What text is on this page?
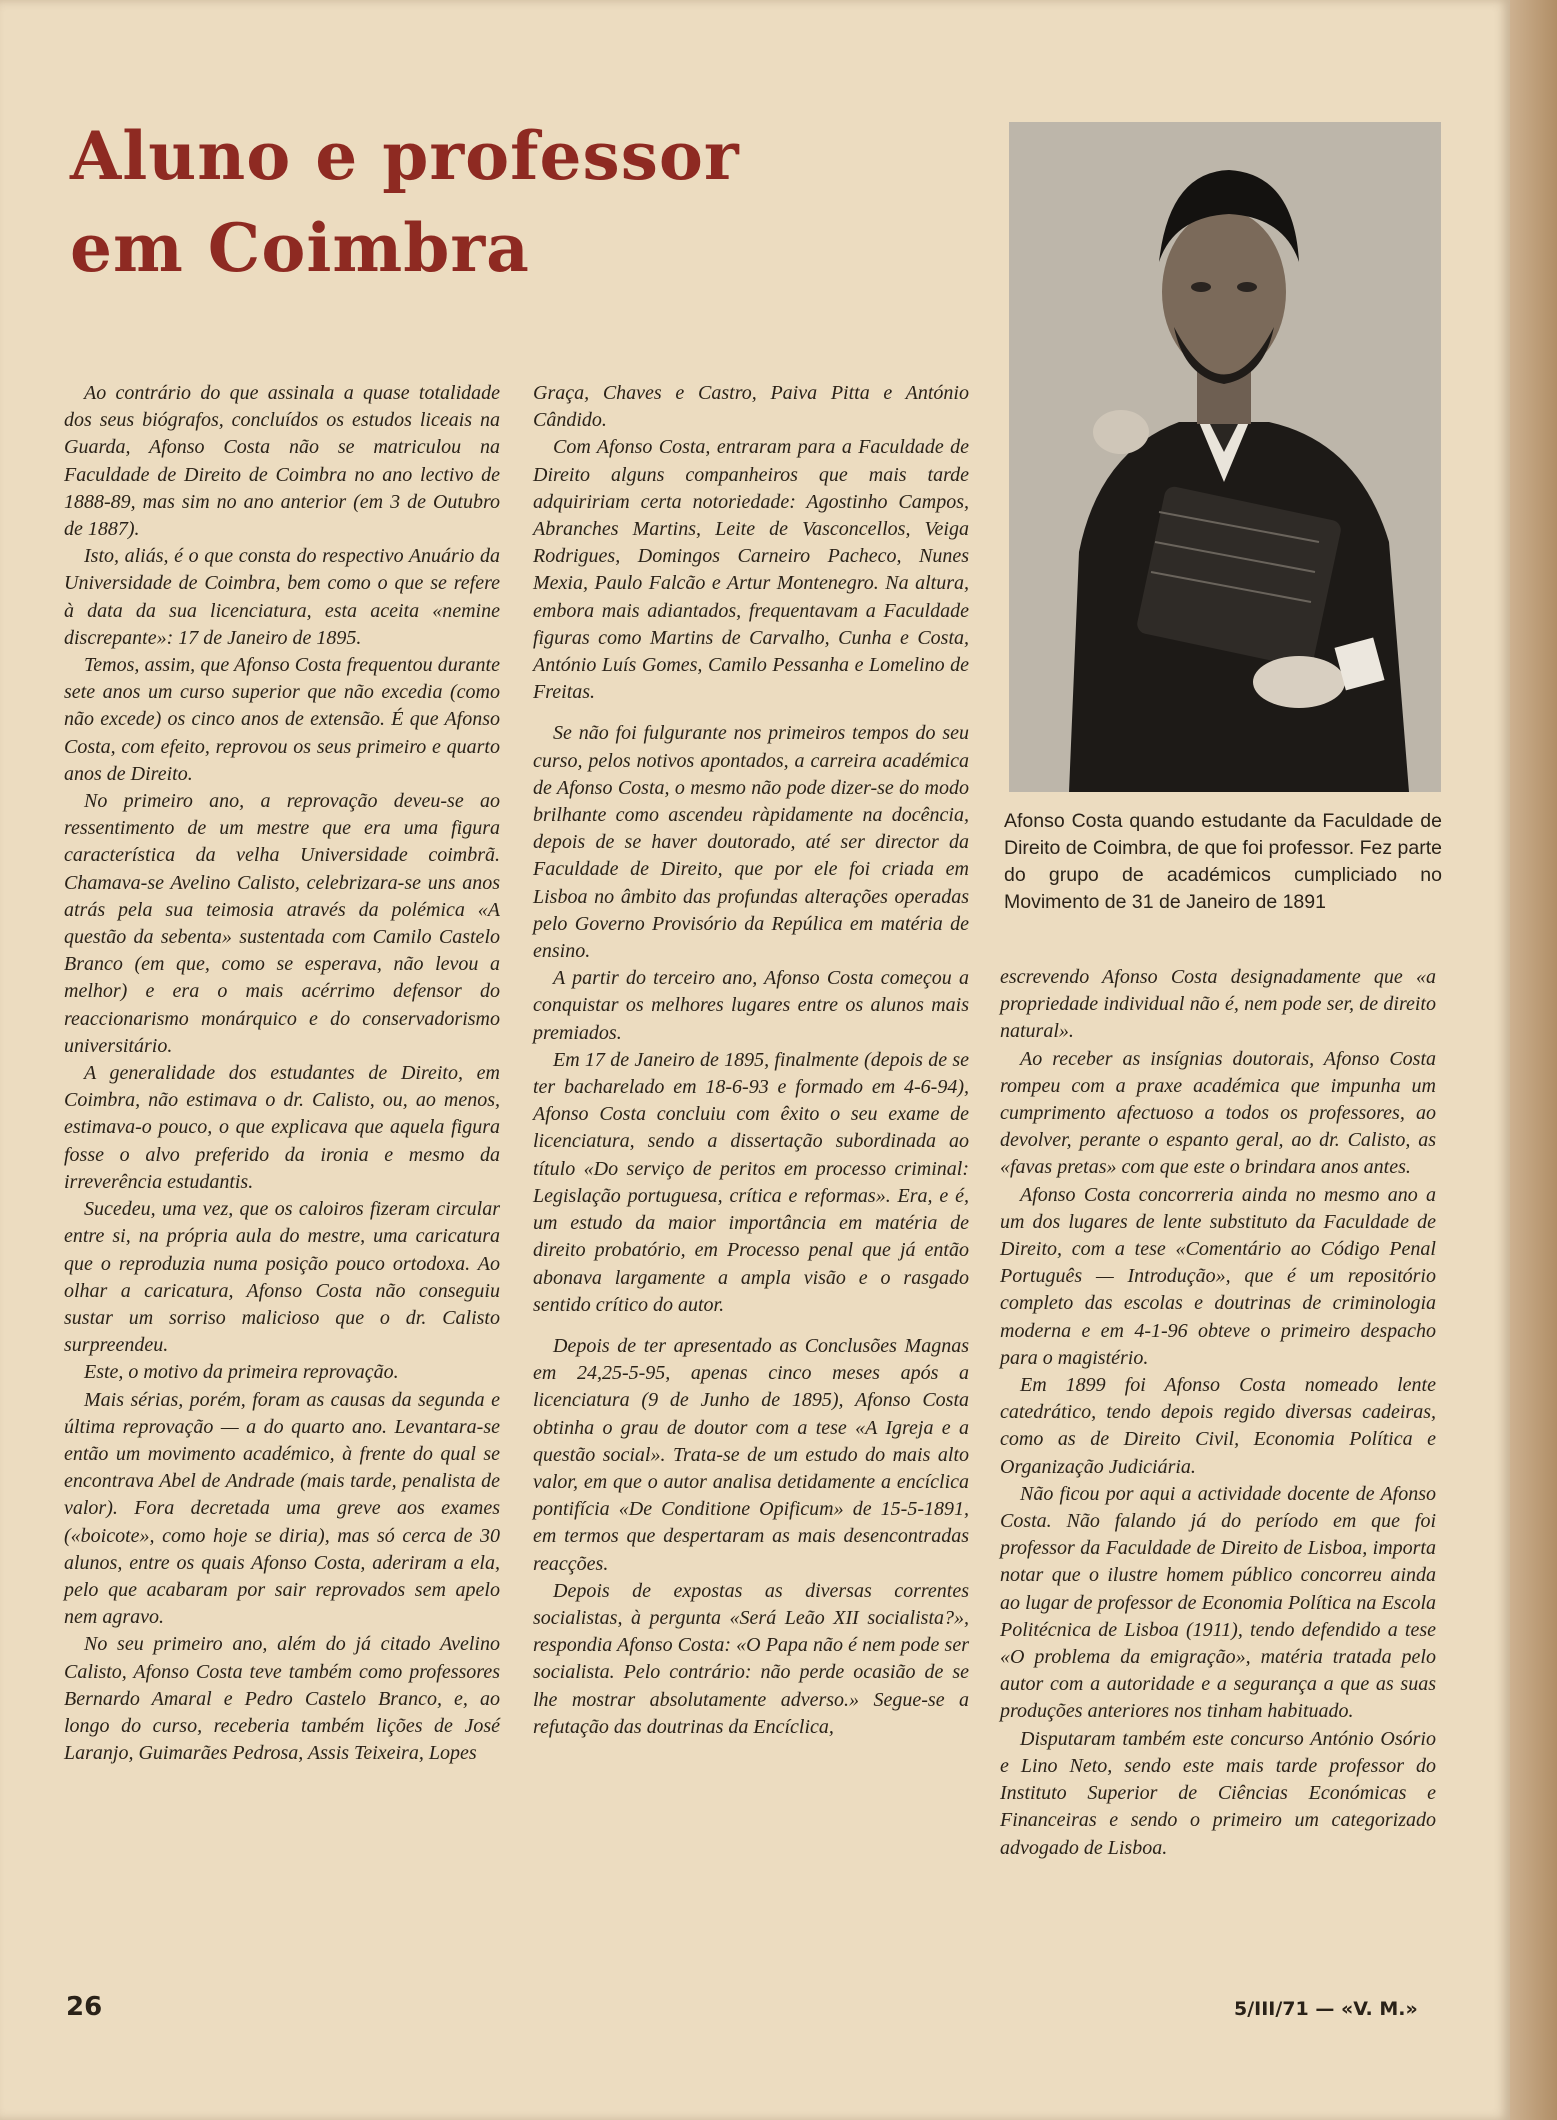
Aluno e professor
em Coimbra

Ao contrário do que assinala a quase totalidade dos seus biógrafos, concluídos os estudos liceais na Guarda, Afonso Costa não se matriculou na Faculdade de Direito de Coimbra no ano lectivo de 1888-89, mas sim no ano anterior (em 3 de Outubro de 1887).

Isto, aliás, é o que consta do respectivo Anuário da Universidade de Coimbra, bem como o que se refere à data da sua licenciatura, esta aceita «nemine discrepante»: 17 de Janeiro de 1895.

Temos, assim, que Afonso Costa frequentou durante sete anos um curso superior que não excedia (como não excede) os cinco anos de extensão. É que Afonso Costa, com efeito, reprovou os seus primeiro e quarto anos de Direito.

No primeiro ano, a reprovação deveu-se ao ressentimento de um mestre que era uma figura característica da velha Universidade coimbrã. Chamava-se Avelino Calisto, celebrizara-se uns anos atrás pela sua teimosia através da polémica «A questão da sebenta» sustentada com Camilo Castelo Branco (em que, como se esperava, não levou a melhor) e era o mais acérrimo defensor do reaccionarismo monárquico e do conservadorismo universitário.

A generalidade dos estudantes de Direito, em Coimbra, não estimava o dr. Calisto, ou, ao menos, estimava-o pouco, o que explicava que aquela figura fosse o alvo preferido da ironia e mesmo da irreverência estudantis.

Sucedeu, uma vez, que os caloiros fizeram circular entre si, na própria aula do mestre, uma caricatura que o reproduzia numa posição pouco ortodoxa. Ao olhar a caricatura, Afonso Costa não conseguiu sustar um sorriso malicioso que o dr. Calisto surpreendeu.

Este, o motivo da primeira reprovação.

Mais sérias, porém, foram as causas da segunda e última reprovação — a do quarto ano. Levantara-se então um movimento académico, à frente do qual se encontrava Abel de Andrade (mais tarde, penalista de valor). Fora decretada uma greve aos exames («boicote», como hoje se diria), mas só cerca de 30 alunos, entre os quais Afonso Costa, aderiram a ela, pelo que acabaram por sair reprovados sem apelo nem agravo.

No seu primeiro ano, além do já citado Avelino Calisto, Afonso Costa teve também como professores Bernardo Amaral e Pedro Castelo Branco, e, ao longo do curso, receberia também lições de José Laranjo, Guimarães Pedrosa, Assis Teixeira, Lopes

Graça, Chaves e Castro, Paiva Pitta e António Cândido.

Com Afonso Costa, entraram para a Faculdade de Direito alguns companheiros que mais tarde adquiririam certa notoriedade: Agostinho Campos, Abranches Martins, Leite de Vasconcellos, Veiga Rodrigues, Domingos Carneiro Pacheco, Nunes Mexia, Paulo Falcão e Artur Montenegro. Na altura, embora mais adiantados, frequentavam a Faculdade figuras como Martins de Carvalho, Cunha e Costa, António Luís Gomes, Camilo Pessanha e Lomelino de Freitas.

Se não foi fulgurante nos primeiros tempos do seu curso, pelos notivos apontados, a carreira académica de Afonso Costa, o mesmo não pode dizer-se do modo brilhante como ascendeu ràpidamente na docência, depois de se haver doutorado, até ser director da Faculdade de Direito, que por ele foi criada em Lisboa no âmbito das profundas alterações operadas pelo Governo Provisório da Repúlica em matéria de ensino.

A partir do terceiro ano, Afonso Costa começou a conquistar os melhores lugares entre os alunos mais premiados.

Em 17 de Janeiro de 1895, finalmente (depois de se ter bacharelado em 18-6-93 e formado em 4-6-94), Afonso Costa concluiu com êxito o seu exame de licenciatura, sendo a dissertação subordinada ao título «Do serviço de peritos em processo criminal: Legislação portuguesa, crítica e reformas». Era, e é, um estudo da maior importância em matéria de direito probatório, em Processo penal que já então abonava largamente a ampla visão e o rasgado sentido crítico do autor.

Depois de ter apresentado as Conclusões Magnas em 24,25-5-95, apenas cinco meses após a licenciatura (9 de Junho de 1895), Afonso Costa obtinha o grau de doutor com a tese «A Igreja e a questão social». Trata-se de um estudo do mais alto valor, em que o autor analisa detidamente a encíclica pontifícia «De Conditione Opificum» de 15-5-1891, em termos que despertaram as mais desencontradas reacções.

Depois de expostas as diversas correntes socialistas, à pergunta «Será Leão XII socialista?», respondia Afonso Costa: «O Papa não é nem pode ser socialista. Pelo contrário: não perde ocasião de se lhe mostrar absolutamente adverso.» Segue-se a refutação das doutrinas da Encíclica,

Afonso Costa quando estudante da Faculdade de Direito de Coimbra, de que foi professor. Fez parte do grupo de académicos cumpliciado no Movimento de 31 de Janeiro de 1891

escrevendo Afonso Costa designadamente que «a propriedade individual não é, nem pode ser, de direito natural».

Ao receber as insígnias doutorais, Afonso Costa rompeu com a praxe académica que impunha um cumprimento afectuoso a todos os professores, ao devolver, perante o espanto geral, ao dr. Calisto, as «favas pretas» com que este o brindara anos antes.

Afonso Costa concorreria ainda no mesmo ano a um dos lugares de lente substituto da Faculdade de Direito, com a tese «Comentário ao Código Penal Português — Introdução», que é um repositório completo das escolas e doutrinas de criminologia moderna e em 4-1-96 obteve o primeiro despacho para o magistério.

Em 1899 foi Afonso Costa nomeado lente catedrático, tendo depois regido diversas cadeiras, como as de Direito Civil, Economia Política e Organização Judiciária.

Não ficou por aqui a actividade docente de Afonso Costa. Não falando já do período em que foi professor da Faculdade de Direito de Lisboa, importa notar que o ilustre homem público concorreu ainda ao lugar de professor de Economia Política na Escola Politécnica de Lisboa (1911), tendo defendido a tese «O problema da emigração», matéria tratada pelo autor com a autoridade e a segurança a que as suas produções anteriores nos tinham habituado.

Disputaram também este concurso António Osório e Lino Neto, sendo este mais tarde professor do Instituto Superior de Ciências Económicas e Financeiras e sendo o primeiro um categorizado advogado de Lisboa.

26	5/III/71 — «V. M.»
